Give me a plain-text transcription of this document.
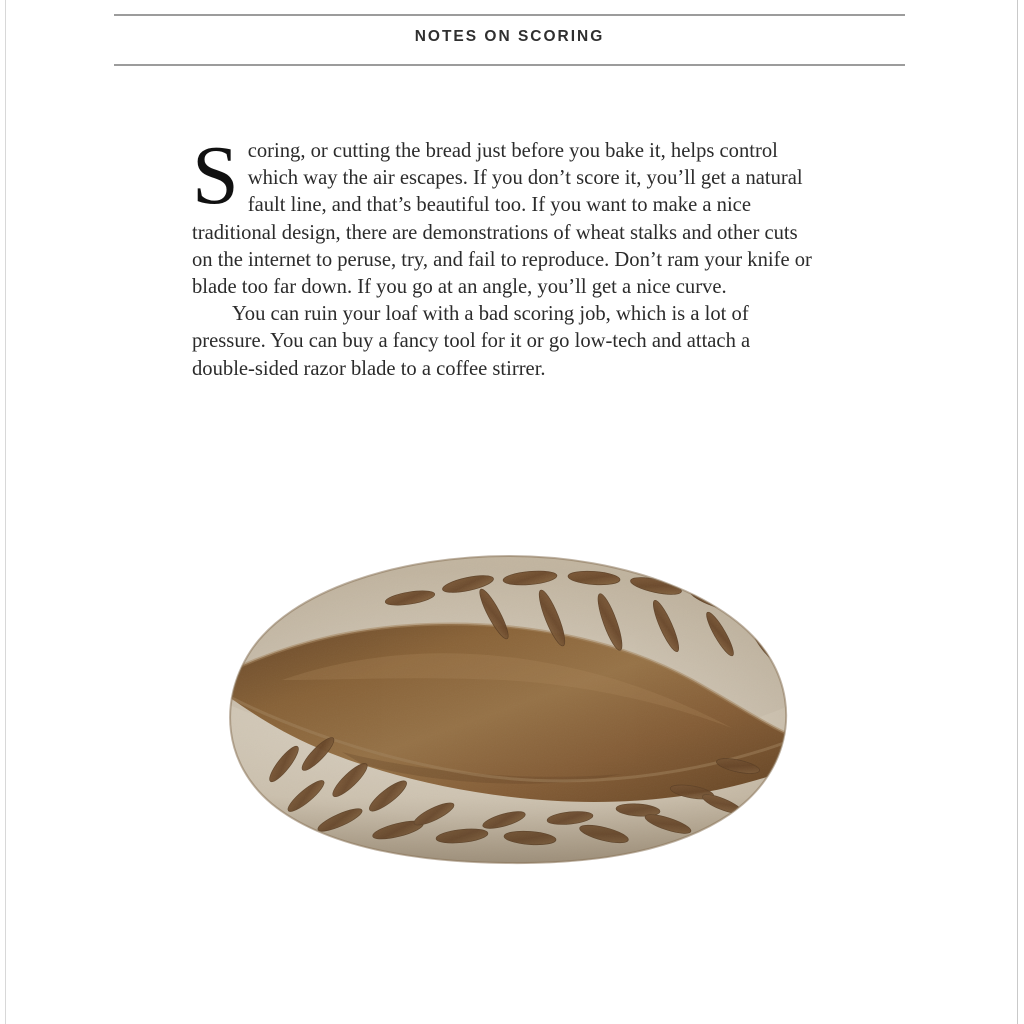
NOTES ON SCORING

Scoring, or cutting the bread just before you bake it, helps control which way the air escapes. If you don’t score it, you’ll get a natural fault line, and that’s beautiful too. If you want to make a nice traditional design, there are demonstrations of wheat stalks and other cuts on the internet to peruse, try, and fail to reproduce. Don’t ram your knife or blade too far down. If you go at an angle, you’ll get a nice curve.

You can ruin your loaf with a bad scoring job, which is a lot of pressure. You can buy a fancy tool for it or go low-tech and attach a double-sided razor blade to a coffee stirrer.
